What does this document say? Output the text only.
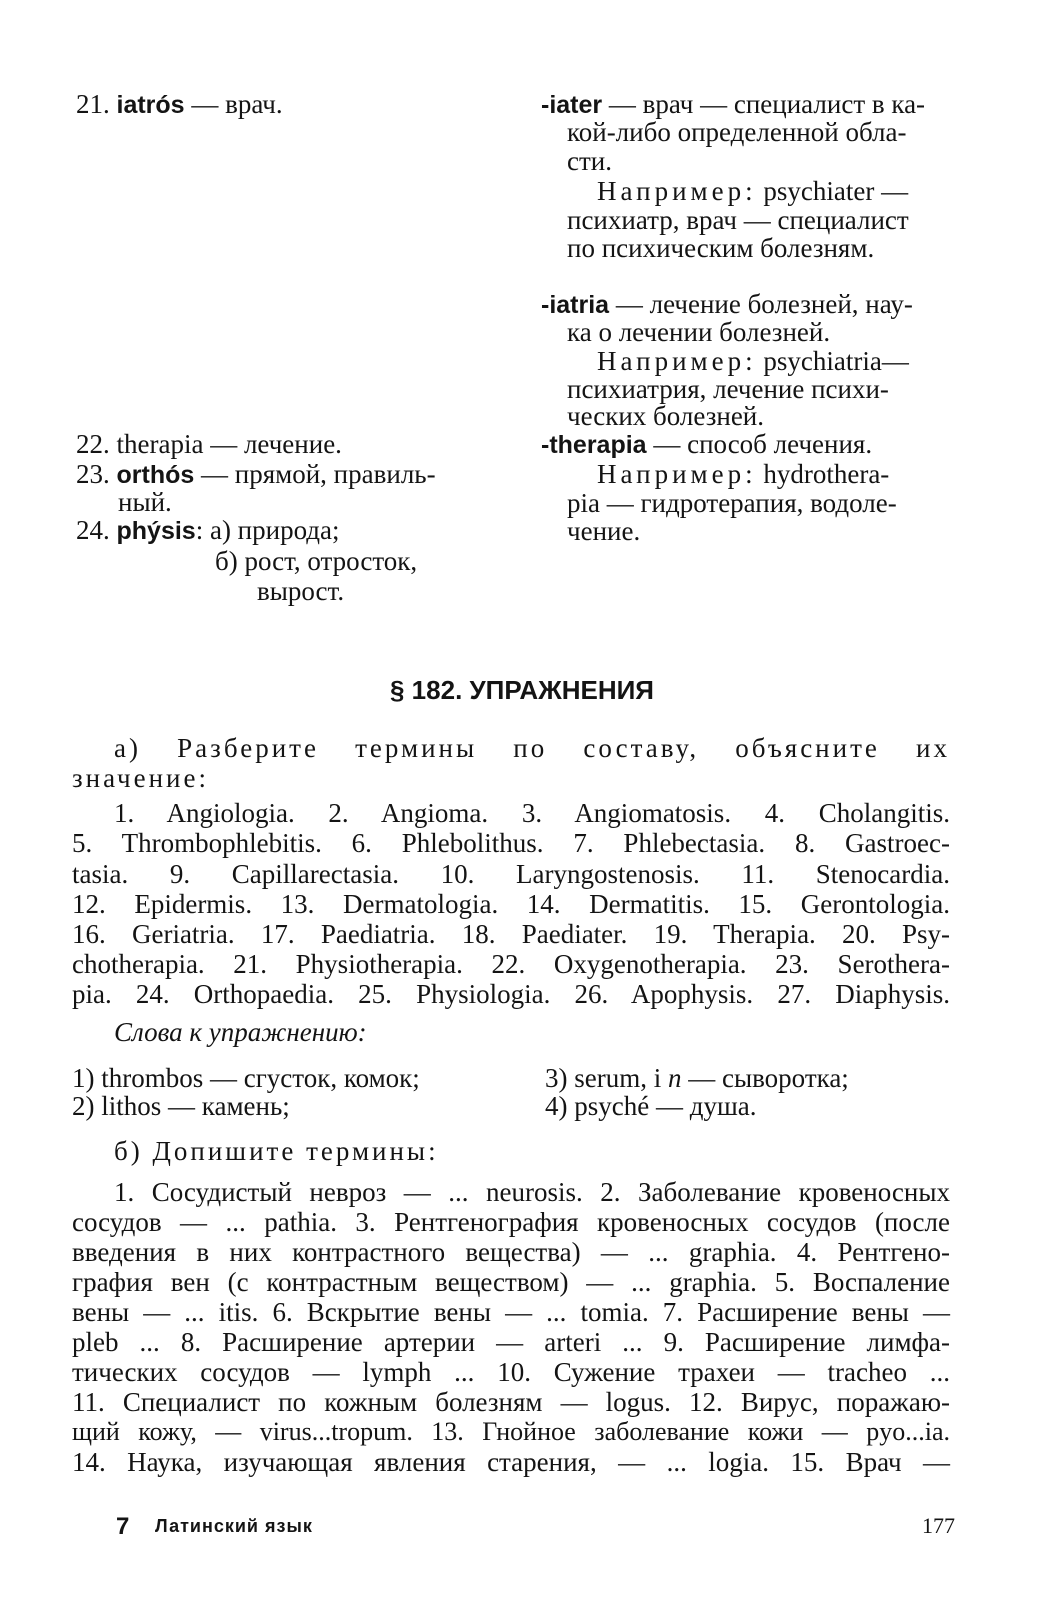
21. iatrós — врач.
22. therapia — лечение.
23. orthós — прямой, правиль-
ный.
24. phýsis: а) природа;
б) рост, отросток,
вырост.
-iater — врач — специалист в ка-
кой-либо определенной обла-
сти.
Например: psychiater —
психиатр, врач — специалист
по психическим болезням.
-iatria — лечение болезней, нау-
ка о лечении болезней.
Например: psychiatria—
психиатрия, лечение психи-
ческих болезней.
-therapia — способ лечения.
Например: hydrothera-
pia — гидротерапия, водоле-
чение.
§ 182. УПРАЖНЕНИЯ
а) Разберите термины по составу, объясните их
значение:
1. Angiologia. 2. Angioma. 3. Angiomatosis. 4. Cholangitis.
5. Thrombophlebitis. 6. Phlebolithus. 7. Phlebectasia. 8. Gastroec-
tasia. 9. Capillarectasia. 10. Laryngostenosis. 11. Stenocardia.
12. Epidermis. 13. Dermatologia. 14. Dermatitis. 15. Gerontologia.
16. Geriatria. 17. Paediatria. 18. Paediater. 19. Therapia. 20. Psy-
chotherapia. 21. Physiotherapia. 22. Oxygenotherapia. 23. Serothera-
pia. 24. Orthopaedia. 25. Physiologia. 26. Apophysis. 27. Diaphysis.
Слова к упражнению:
1) thrombos — сгусток, комок;
2) lithos — камень;
3) serum, i n — сыворотка;
4) psyché — душа.
б) Допишите термины:
1. Сосудистый невроз — ... neurosis. 2. Заболевание кровеносных
сосудов — ... pathia. 3. Рентгенография кровеносных сосудов (после
введения в них контрастного вещества) — ... graphia. 4. Рентгено-
графия вен (с контрастным веществом) — ... graphia. 5. Воспаление
вены — ... itis. 6. Вскрытие вены — ... tomia. 7. Расширение вены —
pleb ... 8. Расширение артерии — arteri ... 9. Расширение лимфа-
тических сосудов — lymph ... 10. Сужение трахеи — tracheo ...
11. Специалист по кожным болезням — logus. 12. Вирус, поражаю-
щий кожу, — virus...tropum. 13. Гнойное заболевание кожи — pyo...ia.
14. Наука, изучающая явления старения, — ... logia. 15. Врач —
7 Латинский язык	177
